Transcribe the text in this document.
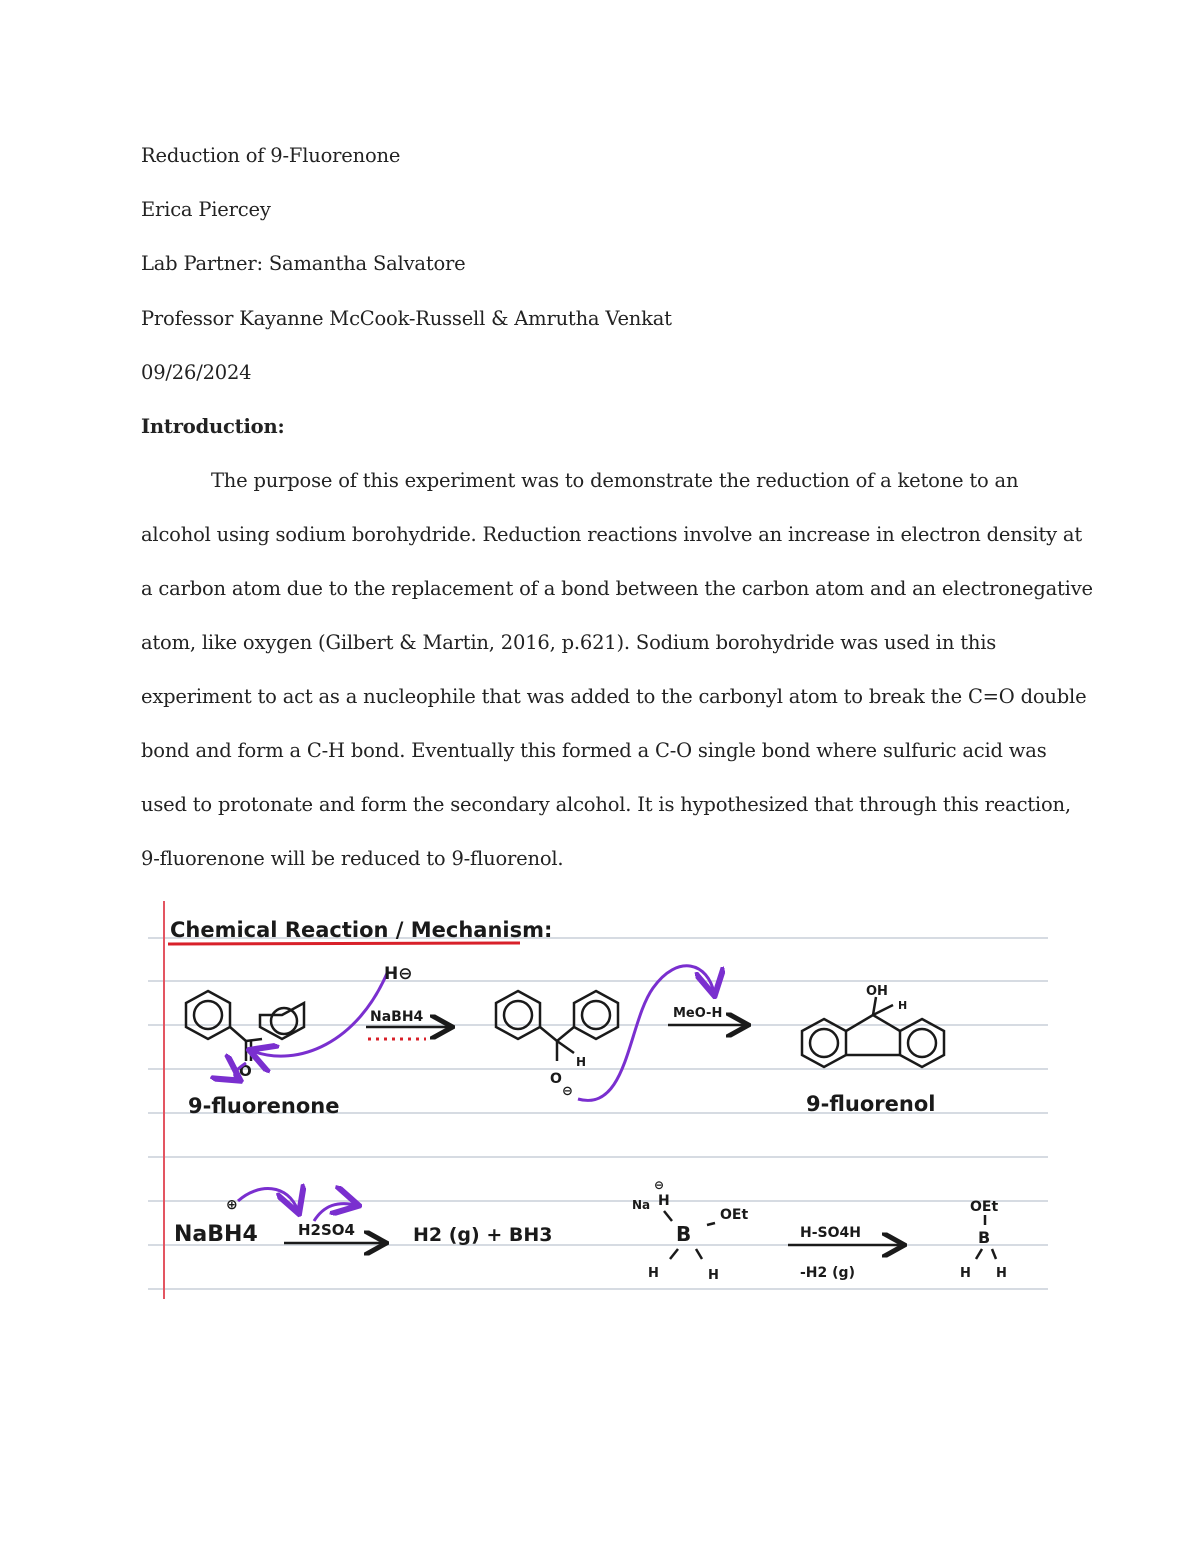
Reduction of 9-Fluorenone
Erica Piercey
Lab Partner: Samantha Salvatore
Professor Kayanne McCook-Russell & Amrutha Venkat
09/26/2024
Introduction:
The purpose of this experiment was to demonstrate the reduction of a ketone to an
alcohol using sodium borohydride. Reduction reactions involve an increase in electron density at
a carbon atom due to the replacement of a bond between the carbon atom and an electronegative
atom, like oxygen (Gilbert & Martin, 2016, p.621). Sodium borohydride was used in this
experiment to act as a nucleophile that was added to the carbonyl atom to break the C=O double
bond and form a C-H bond. Eventually this formed a C-O single bond where sulfuric acid was
used to protonate and form the secondary alcohol. It is hypothesized that through this reaction,
9-fluorenone will be reduced to 9-fluorenol.
Chemical Reaction / Mechanism:
O
9-fluorenone
H⊖
NaBH4
H
O
⊖
MeO-H
OH
H
9-fluorenol
⊕
NaBH4	H2SO4	H2 (g) + BH3
Na
⊖
H
B
OEt
H	H
H-SO4H
-H2 (g)
OEt
B
H H
